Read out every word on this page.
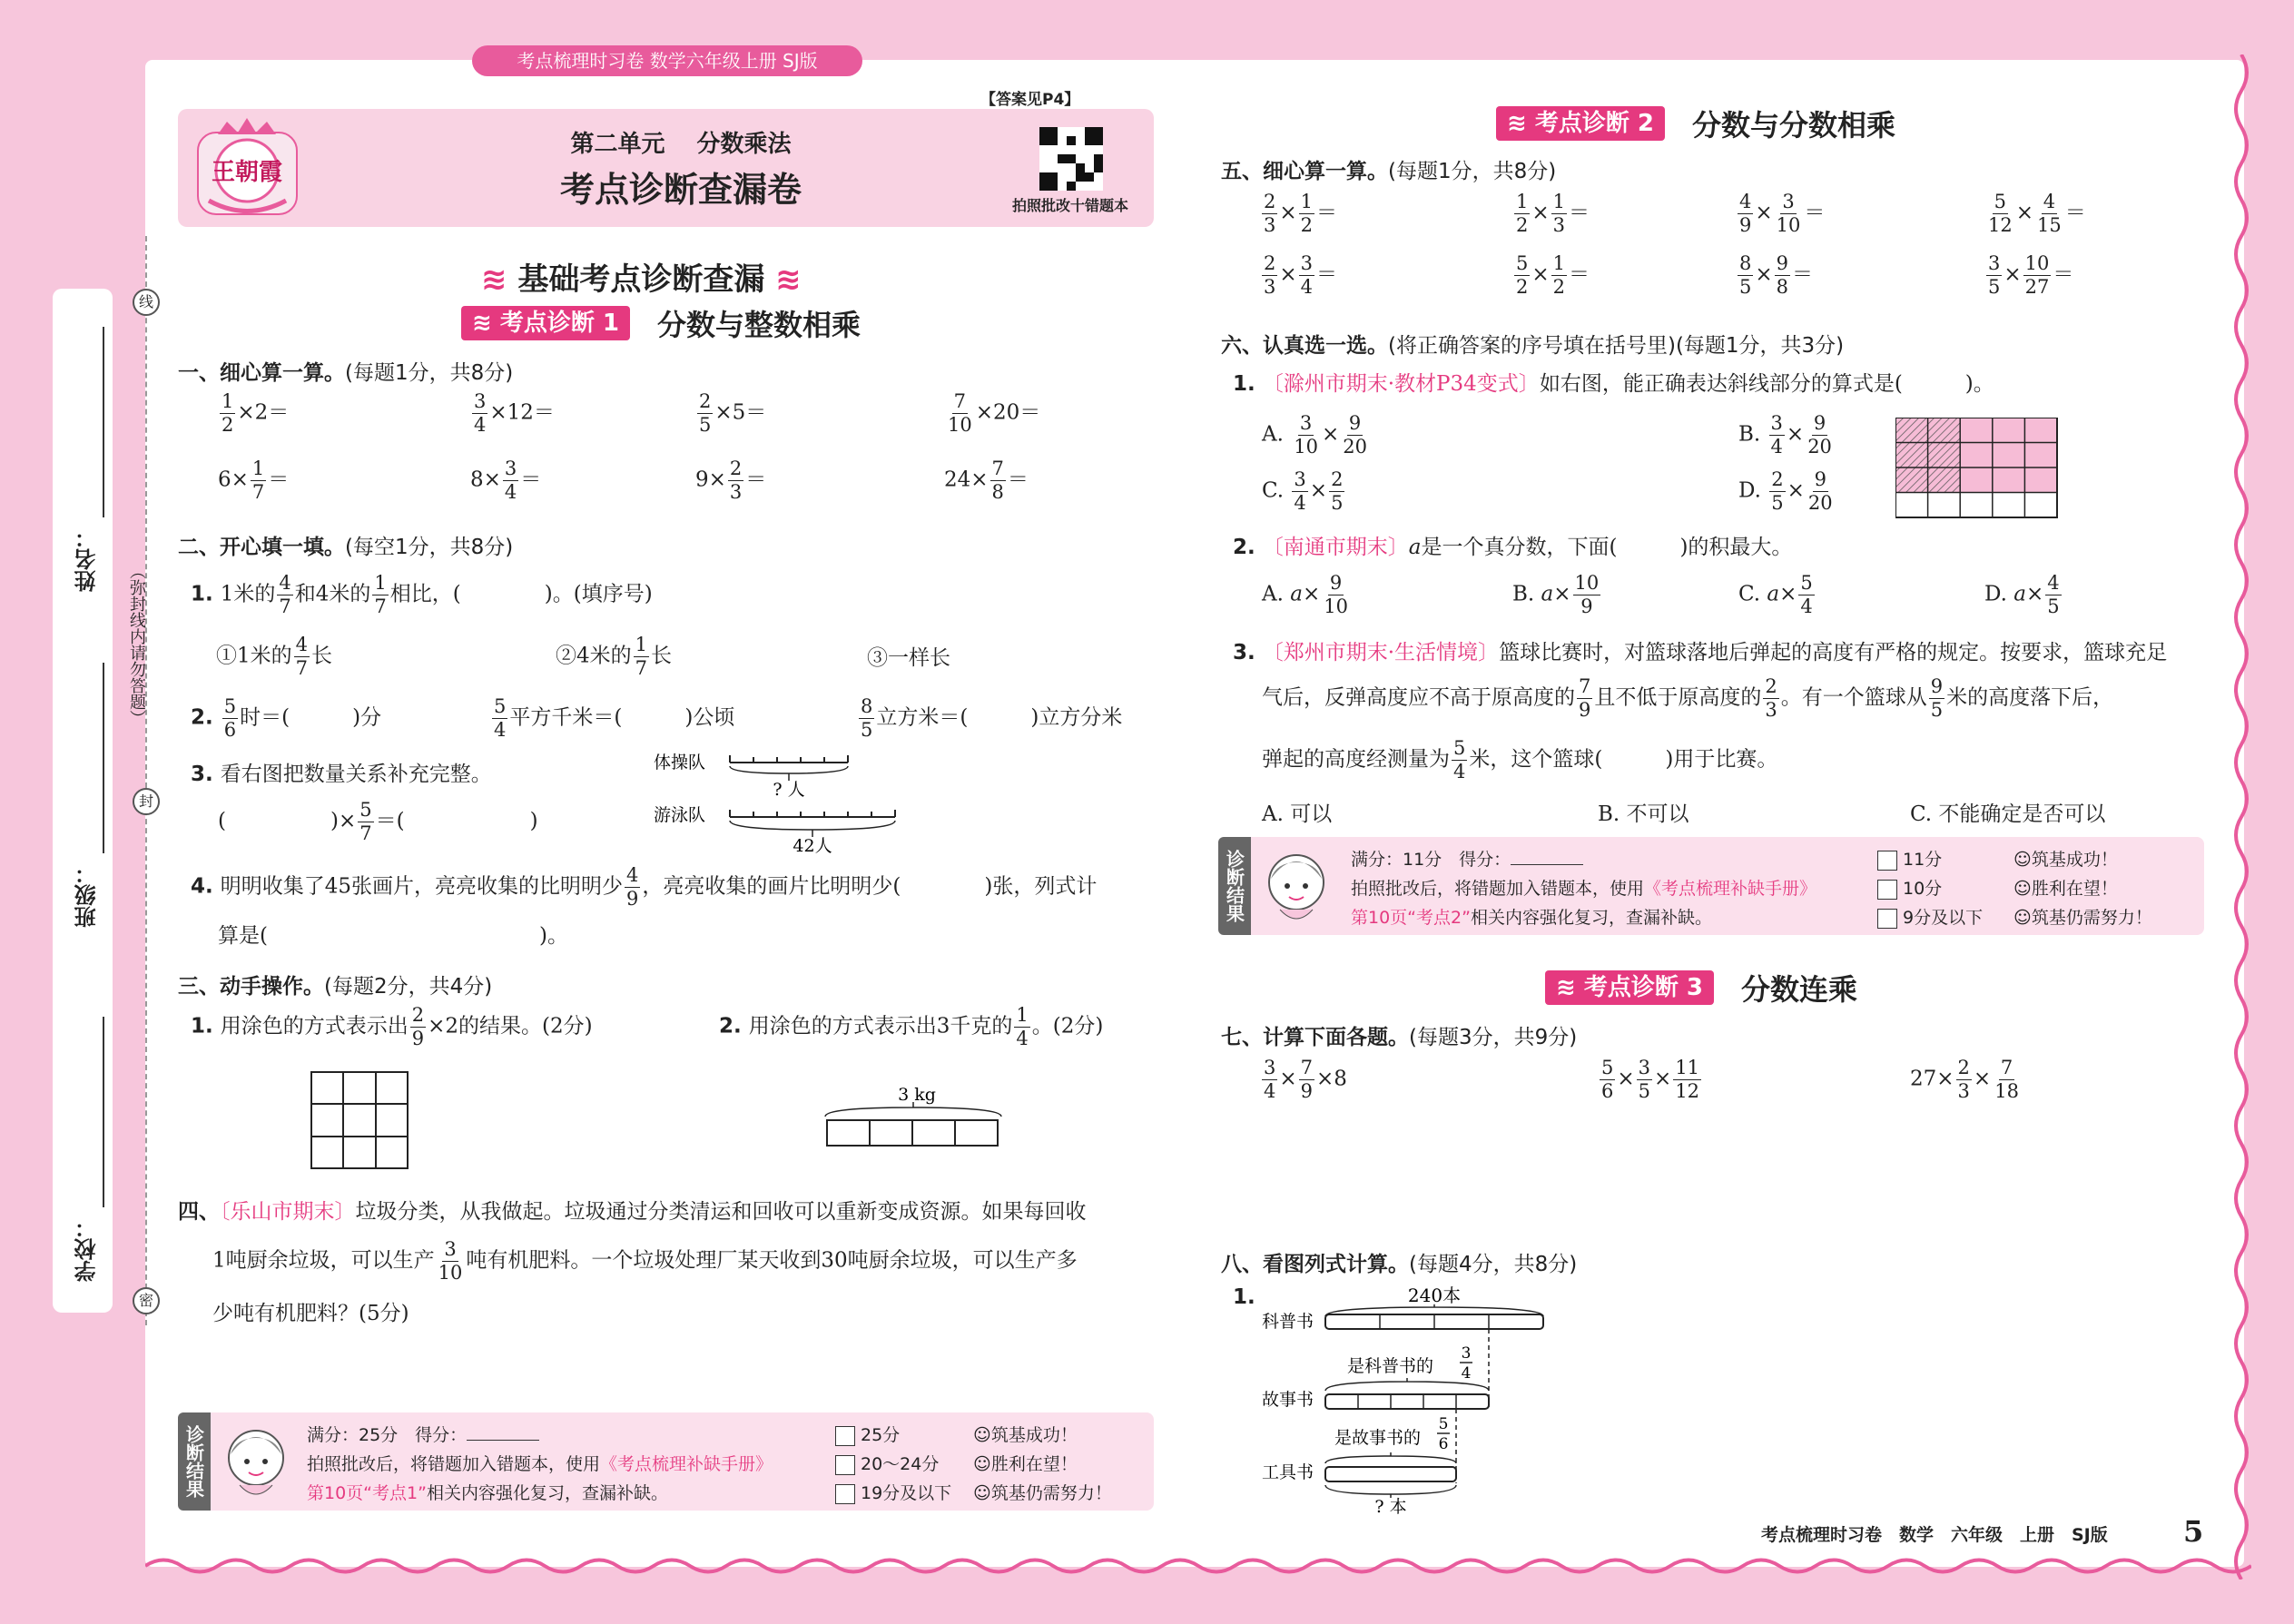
考点梳理时习卷 数学六年级上册 SJ版
姓名：
班级：
学校：
线
封
密
（弥封线内请勿答题）
王朝霞
第二单元　 分数乘法
考点诊断查漏卷
【答案见P4】
拍照批改十错题本
≋ 基础考点诊断查漏 ≋
≋ 考点诊断 1	分数与整数相乘
一、细心算一算。(每题1分，共8分)
$\frac{1}{2} \times 2=$	$\frac{3}{4} \times 12=$	$\frac{2}{5} \times 5=$	$\frac{7}{10} \times 20=$
$6\times \frac{1}{7}$ ＝	$8\times \frac{3}{4}$ ＝	$9\times \frac{2}{3}$ ＝	$24\times \frac{7}{8}$ ＝
二、开心填一填。(每空1分，共8分)
1. 1米的 $\frac{4}{7}$ 和4米的 $\frac{1}{7}$ 相比，(　　　　)。(填序号)
①1米的 $\frac{4}{7}$ 长	②4米的 $\frac{1}{7}$ 长	③一样长
2. $\frac{5}{6}$ 时＝(　　　)分	$\frac{5}{4}$ 平方千米＝(　　　)公顷	$\frac{8}{5}$ 立方米＝(　　　)立方分米
3. 看右图把数量关系补充完整。
(　　　　　)× $\frac{5}{7}$ ＝(　　　　　　)
体操队
? 人
游泳队
42人
4. 明明收集了45张画片，亮亮收集的比明明少 $\frac{4}{9}$ ，亮亮收集的画片比明明少(　　　　)张，列式计
算是(　　　　　　　　　　　　　)。
三、动手操作。(每题2分，共4分)
1. 用涂色的方式表示出 $\frac{2}{9} \times 2$的结果。(2分)	2. 用涂色的方式表示出3千克的 $\frac{1}{4}$ 。(2分)
3 kg
四、〔乐山市期末〕垃圾分类，从我做起。垃圾通过分类清运和回收可以重新变成资源。如果每回收
1吨厨余垃圾，可以生产 $\frac{3}{10}$ 吨有机肥料。一个垃圾处理厂某天收到30吨厨余垃圾，可以生产多
少吨有机肥料？(5分)
诊断结果	满分：25分　得分：
拍照批改后，将错题加入错题本，使用《考点梳理补缺手册》
第10页“考点1”相关内容强化复习，查漏补缺。
25分
20～24分
19分及以下
☺筑基成功！
☺胜利在望！
☺筑基仍需努力！
≋ 考点诊断 2	分数与分数相乘
五、细心算一算。(每题1分，共8分)
$\frac{2}{3} \times \frac{1}{2}$ ＝	$\frac{1}{2} \times \frac{1}{3}$ ＝	$\frac{4}{9} \times \frac{3}{10}$ ＝	$\frac{5}{12} \times \frac{4}{15}$ ＝
$\frac{2}{3} \times \frac{3}{4}$ ＝	$\frac{5}{2} \times \frac{1}{2}$ ＝	$\frac{8}{5} \times \frac{9}{8}$ ＝	$\frac{3}{5} \times \frac{10}{27}$ ＝
六、认真选一选。(将正确答案的序号填在括号里)(每题1分，共3分)
1. 〔滁州市期末·教材P34变式〕如右图，能正确表达斜线部分的算式是(　　　)。
A. $\frac{3}{10} \times \frac{9}{20}$	B. $\frac{3}{4} \times \frac{9}{20}$
C. $\frac{3}{4} \times \frac{2}{5}$	D. $\frac{2}{5} \times \frac{9}{20}$
2. 〔南通市期末〕a是一个真分数，下面(　　　)的积最大。
A. $a\times \frac{9}{10}$	B. $a\times \frac{10}{9}$	C. $a\times \frac{5}{4}$	D. $a\times \frac{4}{5}$
3. 〔郑州市期末·生活情境〕篮球比赛时，对篮球落地后弹起的高度有严格的规定。按要求，篮球充足
气后，反弹高度应不高于原高度的 $\frac{7}{9}$ 且不低于原高度的 $\frac{2}{3}$ 。有一个篮球从 $\frac{9}{5}$ 米的高度落下后，
弹起的高度经测量为 $\frac{5}{4}$ 米，这个篮球(　　　)用于比赛。
A. 可以	B. 不可以	C. 不能确定是否可以
诊断结果	满分：11分　得分：
拍照批改后，将错题加入错题本，使用《考点梳理补缺手册》
第10页“考点2”相关内容强化复习，查漏补缺。
11分
10分
9分及以下
☺筑基成功！
☺胜利在望！
☺筑基仍需努力！
≋ 考点诊断 3	分数连乘
七、计算下面各题。(每题3分，共9分)
$\frac{3}{4} \times \frac{7}{9} \times 8$	$\frac{5}{6} \times \frac{3}{5} \times \frac{11}{12}$	$27\times \frac{2}{3} \times \frac{7}{18}$
八、看图列式计算。(每题4分，共8分)
1.	240本
科普书
是科普书的
3
4
故事书
是故事书的
5
6
工具书
? 本
考点梳理时习卷　数学　六年级　上册　SJ版	5
